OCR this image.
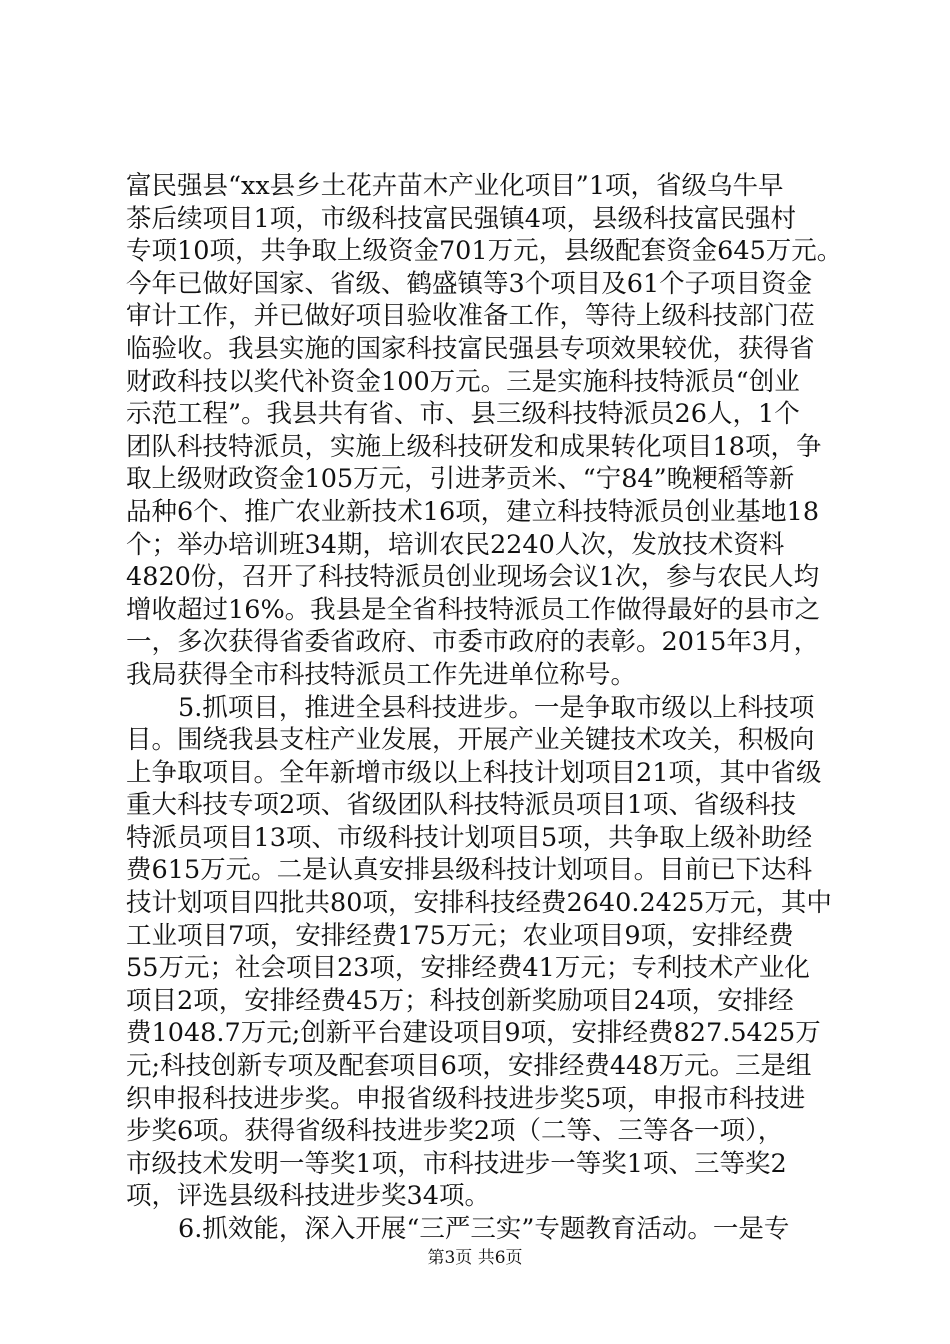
富民强县“xx县乡土花卉苗木产业化项目”1项，省级乌牛早
茶后续项目1项，市级科技富民强镇4项，县级科技富民强村
专项10项，共争取上级资金701万元，县级配套资金645万元。
今年已做好国家、省级、鹤盛镇等3个项目及61个子项目资金
审计工作，并已做好项目验收准备工作，等待上级科技部门莅
临验收。我县实施的国家科技富民强县专项效果较优，获得省
财政科技以奖代补资金100万元。三是实施科技特派员“创业
示范工程”。我县共有省、市、县三级科技特派员26人，1个
团队科技特派员，实施上级科技研发和成果转化项目18项，争
取上级财政资金105万元，引进茅贡米、“宁84”晚粳稻等新
品种6个、推广农业新技术16项，建立科技特派员创业基地18
个；举办培训班34期，培训农民2240人次，发放技术资料
4820份，召开了科技特派员创业现场会议1次，参与农民人均
增收超过16%。我县是全省科技特派员工作做得最好的县市之
一，多次获得省委省政府、市委市政府的表彰。2015年3月，
我局获得全市科技特派员工作先进单位称号。
5.抓项目，推进全县科技进步。一是争取市级以上科技项
目。围绕我县支柱产业发展，开展产业关键技术攻关，积极向
上争取项目。全年新增市级以上科技计划项目21项，其中省级
重大科技专项2项、省级团队科技特派员项目1项、省级科技
特派员项目13项、市级科技计划项目5项，共争取上级补助经
费615万元。二是认真安排县级科技计划项目。目前已下达科
技计划项目四批共80项，安排科技经费2640.2425万元，其中
工业项目7项，安排经费175万元；农业项目9项，安排经费
55万元；社会项目23项，安排经费41万元；专利技术产业化
项目2项，安排经费45万；科技创新奖励项目24项，安排经
费1048.7万元;创新平台建设项目9项，安排经费827.5425万
元;科技创新专项及配套项目6项，安排经费448万元。三是组
织申报科技进步奖。申报省级科技进步奖5项，申报市科技进
步奖6项。获得省级科技进步奖2项（二等、三等各一项），
市级技术发明一等奖1项，市科技进步一等奖1项、三等奖2
项，评选县级科技进步奖34项。
6.抓效能，深入开展“三严三实”专题教育活动。一是专
第3页 共6页
